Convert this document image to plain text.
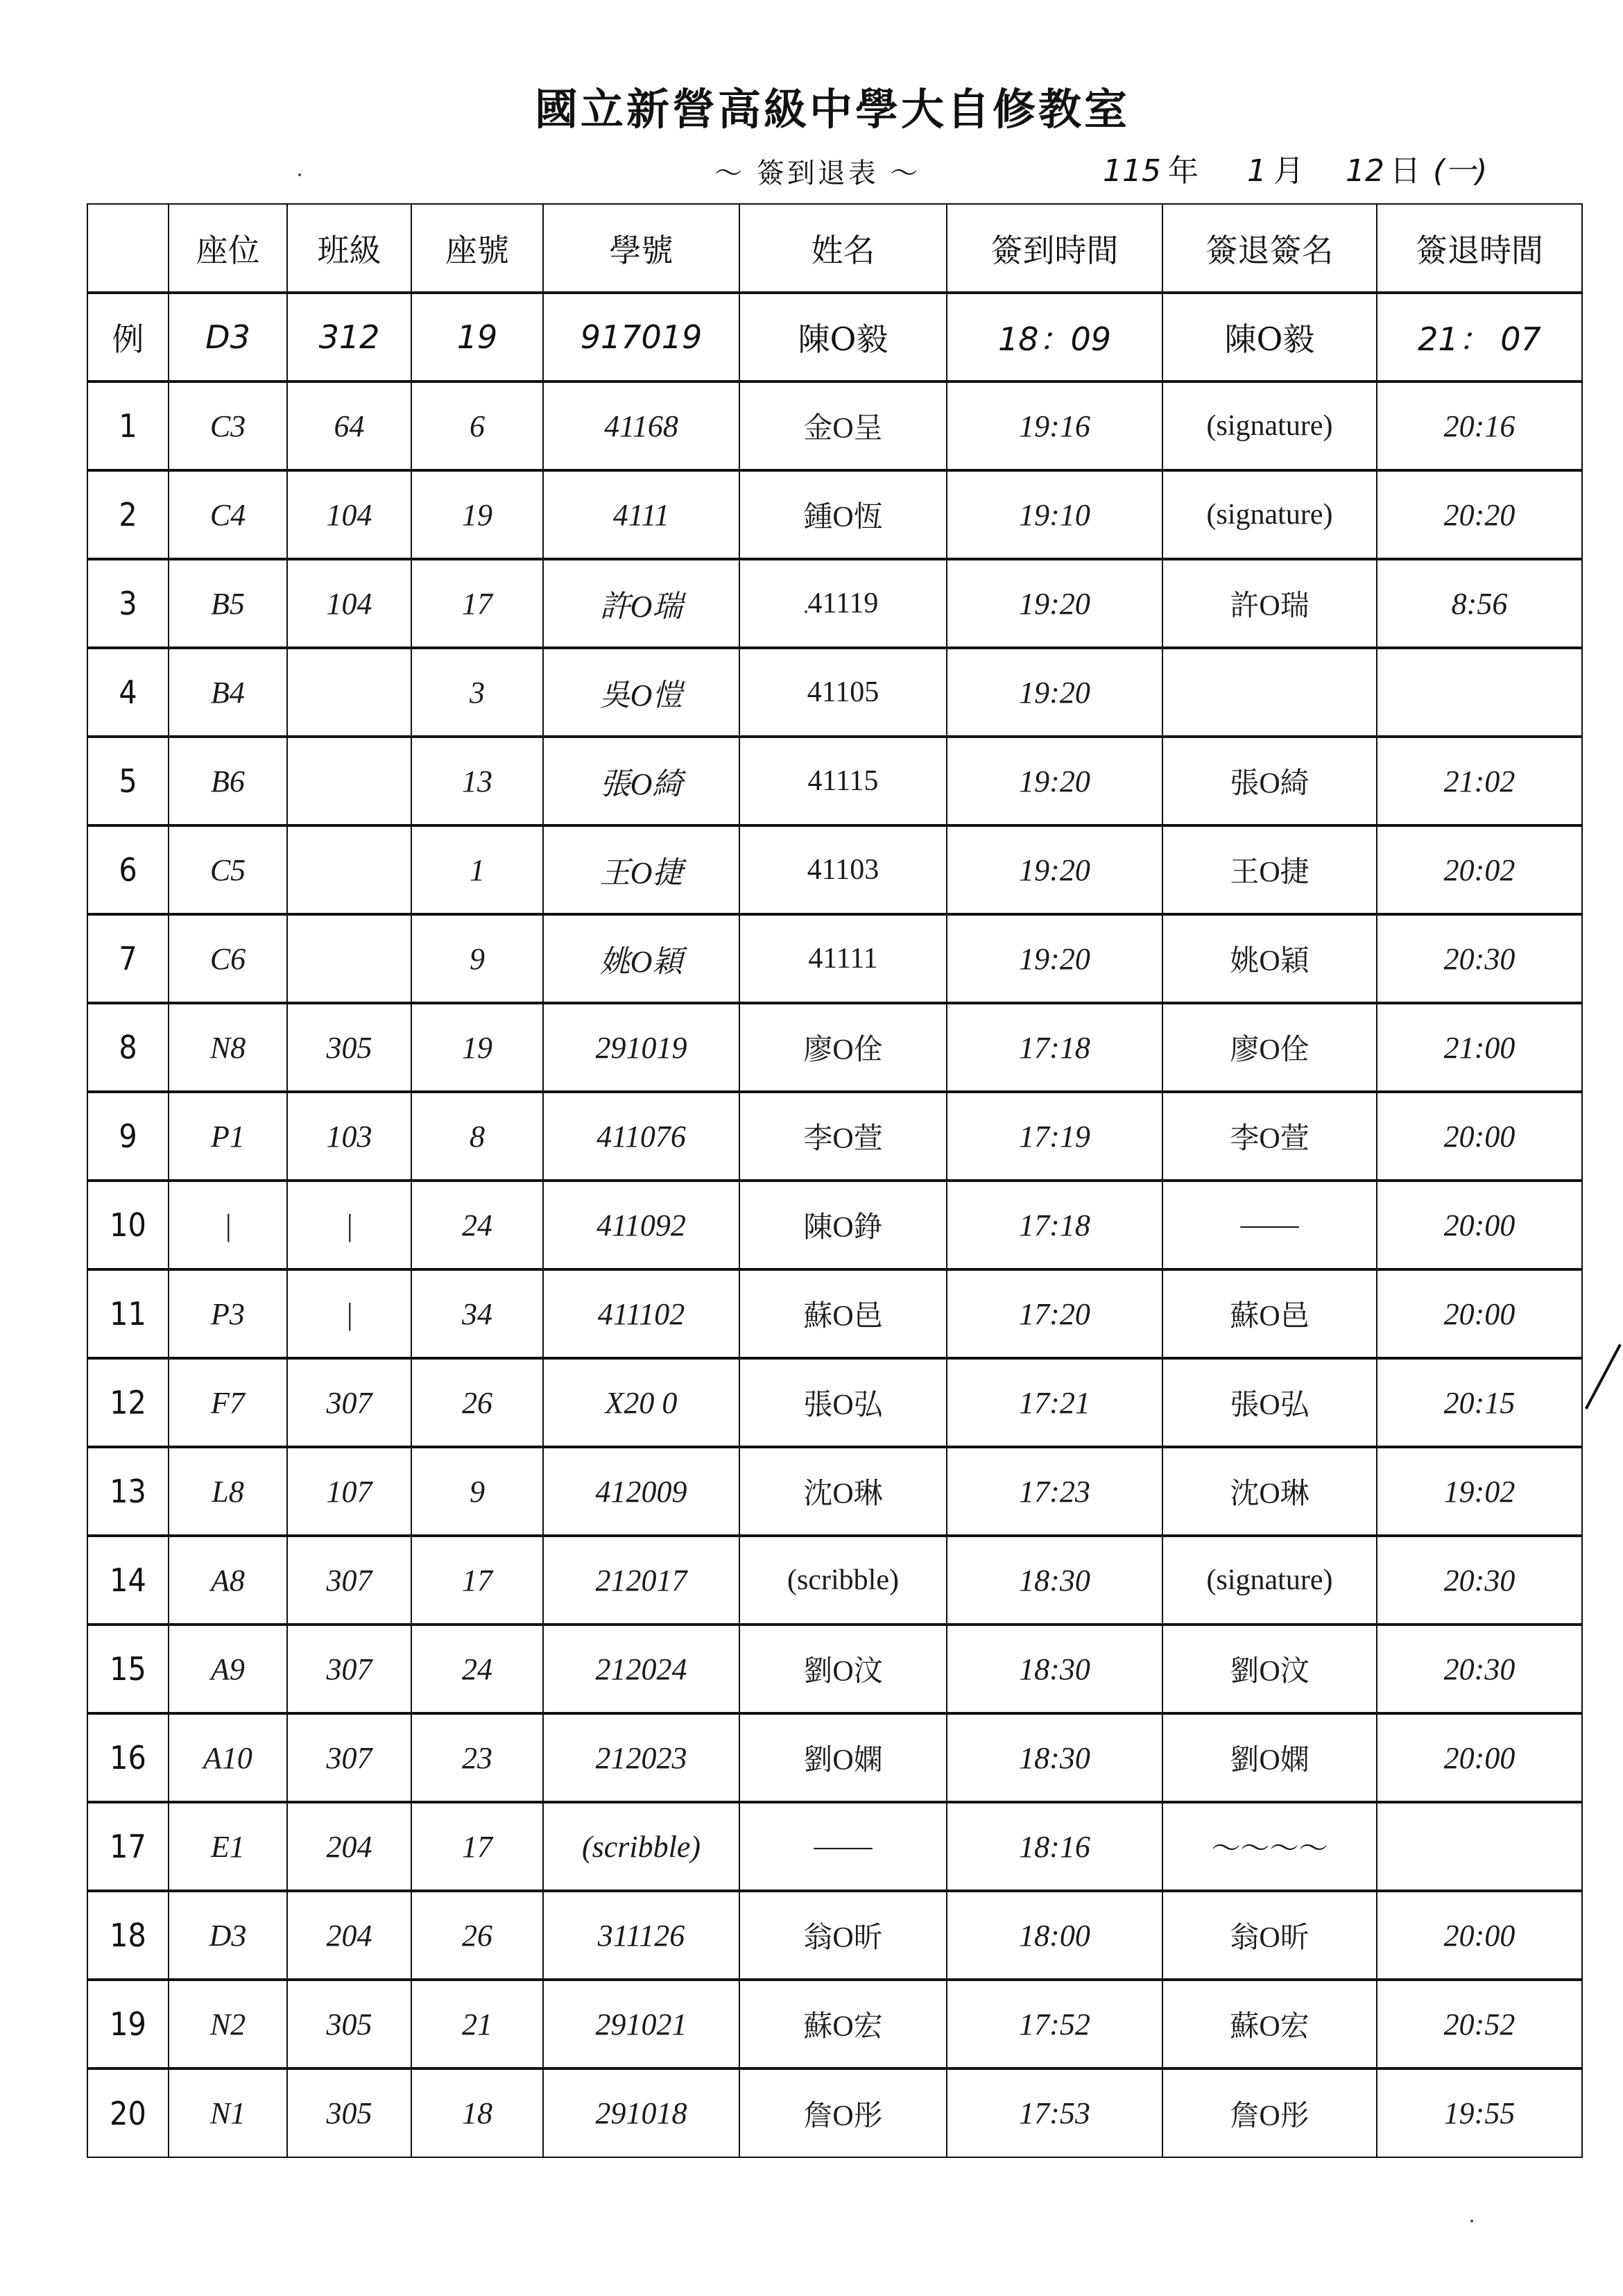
國立新營高級中學大自修教室
～ 簽到退表 ～	115 年 1 月 12 日 (一)
	座位	班級	座號	學號	姓名	簽到時間	簽退簽名	簽退時間
例	D3	312	19	917019	陳O毅	18：09	陳O毅	21： 07
1	C3	64	6	41168	金O呈	19:16	(signature)	20:16
2	C4	104	19	4111	鍾O恆	19:10	(signature)	20:20
3	B5	104	17	許O瑞	41119	19:20	許O瑞	8:56
4	B4		3	吳O愷	41105	19:20		
5	B6		13	張O綺	41115	19:20	張O綺	21:02
6	C5		1	王O捷	41103	19:20	王O捷	20:02
7	C6		9	姚O穎	41111	19:20	姚O穎	20:30
8	N8	305	19	291019	廖O佺	17:18	廖O佺	21:00
9	P1	103	8	411076	李O萱	17:19	李O萱	20:00
10	|	|	24	411092	陳O錚	17:18	——	20:00
11	P3	|	34	411102	蘇O邑	17:20	蘇O邑	20:00
12	F7	307	26	X20 0	張O弘	17:21	張O弘	20:15
13	L8	107	9	412009	沈O琳	17:23	沈O琳	19:02
14	A8	307	17	212017	(scribble)	18:30	(signature)	20:30
15	A9	307	24	212024	劉O汶	18:30	劉O汶	20:30
16	A10	307	23	212023	劉O嫻	18:30	劉O嫻	20:00
17	E1	204	17	(scribble)	——	18:16	～～～～	
18	D3	204	26	311126	翁O昕	18:00	翁O昕	20:00
19	N2	305	21	291021	蘇O宏	17:52	蘇O宏	20:52
20	N1	305	18	291018	詹O彤	17:53	詹O彤	19:55
